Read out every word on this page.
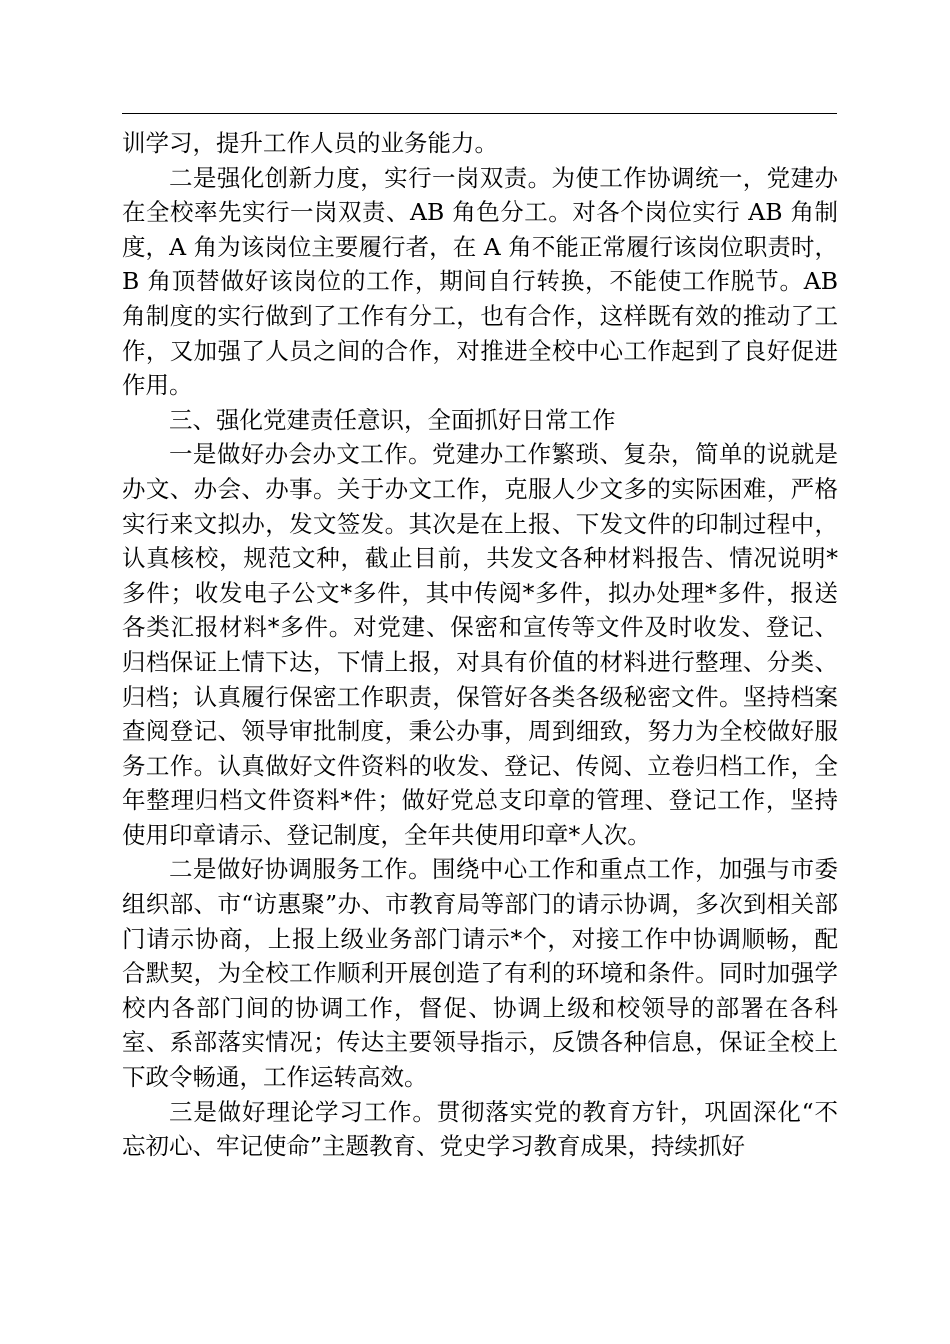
训学习，提升工作人员的业务能力。

二是强化创新力度，实行一岗双责。为使工作协调统一，党建办在全校率先实行一岗双责、AB 角色分工。对各个岗位实行 AB 角制度，A 角为该岗位主要履行者，在 A 角不能正常履行该岗位职责时，B 角顶替做好该岗位的工作，期间自行转换，不能使工作脱节。AB 角制度的实行做到了工作有分工，也有合作，这样既有效的推动了工作，又加强了人员之间的合作，对推进全校中心工作起到了良好促进作用。

三、强化党建责任意识，全面抓好日常工作

一是做好办会办文工作。党建办工作繁琐、复杂，简单的说就是办文、办会、办事。关于办文工作，克服人少文多的实际困难，严格实行来文拟办，发文签发。其次是在上报、下发文件的印制过程中，认真核校，规范文种，截止目前，共发文各种材料报告、情况说明*多件；收发电子公文*多件，其中传阅*多件，拟办处理*多件，报送各类汇报材料*多件。对党建、保密和宣传等文件及时收发、登记、归档保证上情下达，下情上报，对具有价值的材料进行整理、分类、归档；认真履行保密工作职责，保管好各类各级秘密文件。坚持档案查阅登记、领导审批制度，秉公办事，周到细致，努力为全校做好服务工作。认真做好文件资料的收发、登记、传阅、立卷归档工作，全年整理归档文件资料*件；做好党总支印章的管理、登记工作，坚持使用印章请示、登记制度，全年共使用印章*人次。

二是做好协调服务工作。围绕中心工作和重点工作，加强与市委组织部、市“访惠聚”办、市教育局等部门的请示协调，多次到相关部门请示协商，上报上级业务部门请示*个，对接工作中协调顺畅，配合默契，为全校工作顺利开展创造了有利的环境和条件。同时加强学校内各部门间的协调工作，督促、协调上级和校领导的部署在各科室、系部落实情况；传达主要领导指示，反馈各种信息，保证全校上下政令畅通，工作运转高效。

三是做好理论学习工作。贯彻落实党的教育方针，巩固深化“不忘初心、牢记使命”主题教育、党史学习教育成果，持续抓好
